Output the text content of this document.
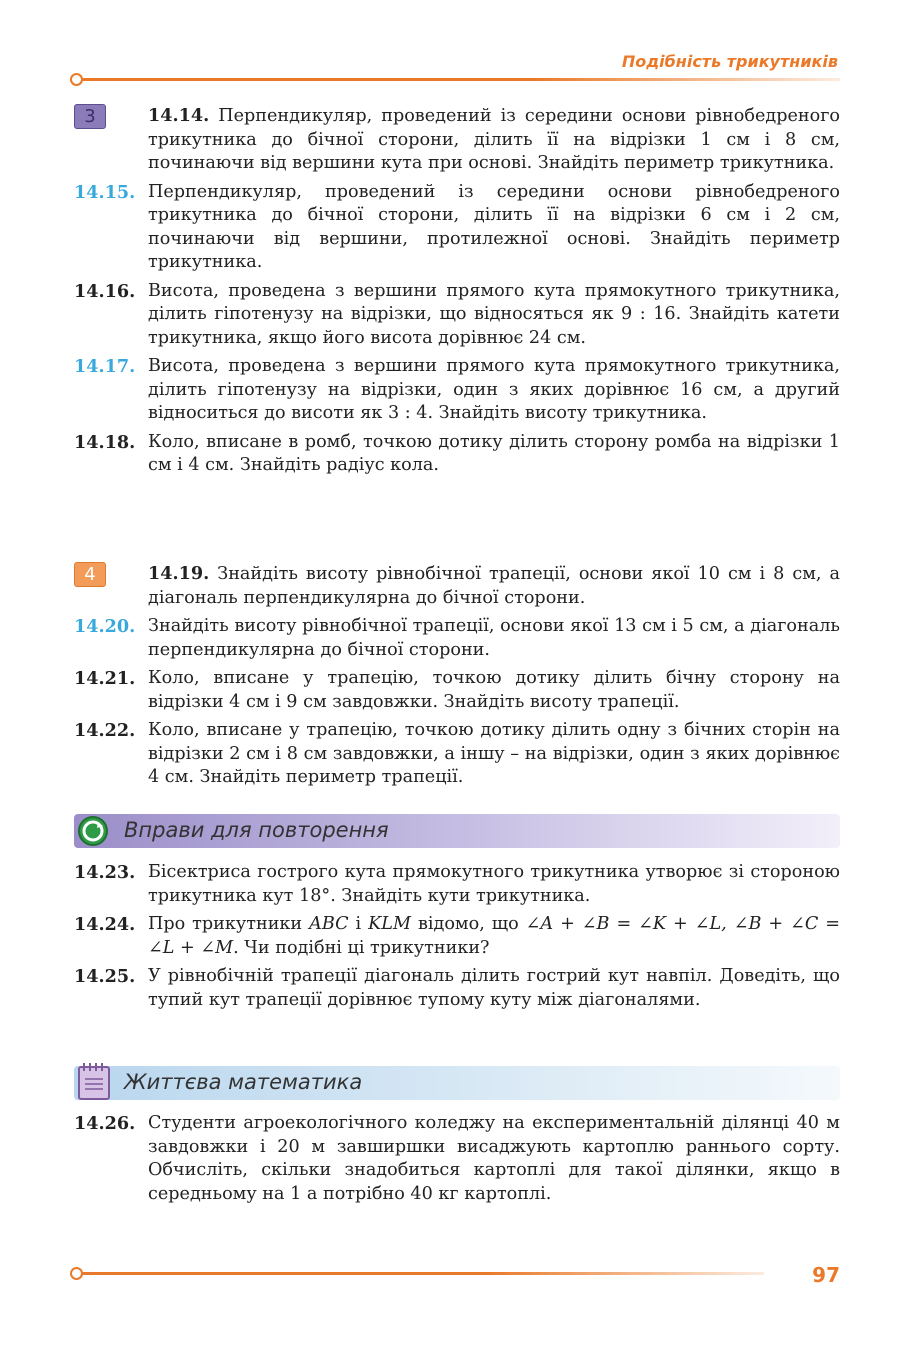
Подібність трикутників
3	14.14. Перпендикуляр, проведений із середини основи рівнобедреного трикутника до бічної сторони, ділить її на відрізки 1 см і 8 см, починаючи від вершини кута при основі. Знайдіть периметр трикутника.
14.15. Перпендикуляр, проведений із середини основи рівнобедреного трикутника до бічної сторони, ділить її на відрізки 6 см і 2 см, починаючи від вершини, протилежної основі. Знайдіть периметр трикутника.
14.16. Висота, проведена з вершини прямого кута прямокутного трикутника, ділить гіпотенузу на відрізки, що відносяться як 9 : 16. Знайдіть катети трикутника, якщо його висота дорівнює 24 см.
14.17. Висота, проведена з вершини прямого кута прямокутного трикутника, ділить гіпотенузу на відрізки, один з яких дорівнює 16 см, а другий відноситься до висоти як 3 : 4. Знайдіть висоту трикутника.
14.18. Коло, вписане в ромб, точкою дотику ділить сторону ромба на відрізки 1 см і 4 см. Знайдіть радіус кола.
4	14.19. Знайдіть висоту рівнобічної трапеції, основи якої 10 см і 8 см, а діагональ перпендикулярна до бічної сторони.
14.20. Знайдіть висоту рівнобічної трапеції, основи якої 13 см і 5 см, а діагональ перпендикулярна до бічної сторони.
14.21. Коло, вписане у трапецію, точкою дотику ділить бічну сторону на відрізки 4 см і 9 см завдовжки. Знайдіть висоту трапеції.
14.22. Коло, вписане у трапецію, точкою дотику ділить одну з бічних сторін на відрізки 2 см і 8 см завдовжки, а іншу – на відрізки, один з яких дорівнює 4 см. Знайдіть периметр трапеції.
Вправи для повторення
14.23. Бісектриса гострого кута прямокутного трикутника утворює зі стороною трикутника кут 18°. Знайдіть кути трикутника.
14.24. Про трикутники ABC і KLM відомо, що ∠A + ∠B = ∠K + ∠L, ∠B + ∠C = ∠L + ∠M. Чи подібні ці трикутники?
14.25. У рівнобічній трапеції діагональ ділить гострий кут навпіл. Доведіть, що тупий кут трапеції дорівнює тупому куту між діагоналями.
Життєва математика
14.26. Студенти агроекологічного коледжу на експериментальній ділянці 40 м завдовжки і 20 м завширшки висаджують картоплю раннього сорту. Обчисліть, скільки знадобиться картоплі для такої ділянки, якщо в середньому на 1 а потрібно 40 кг картоплі.
97
